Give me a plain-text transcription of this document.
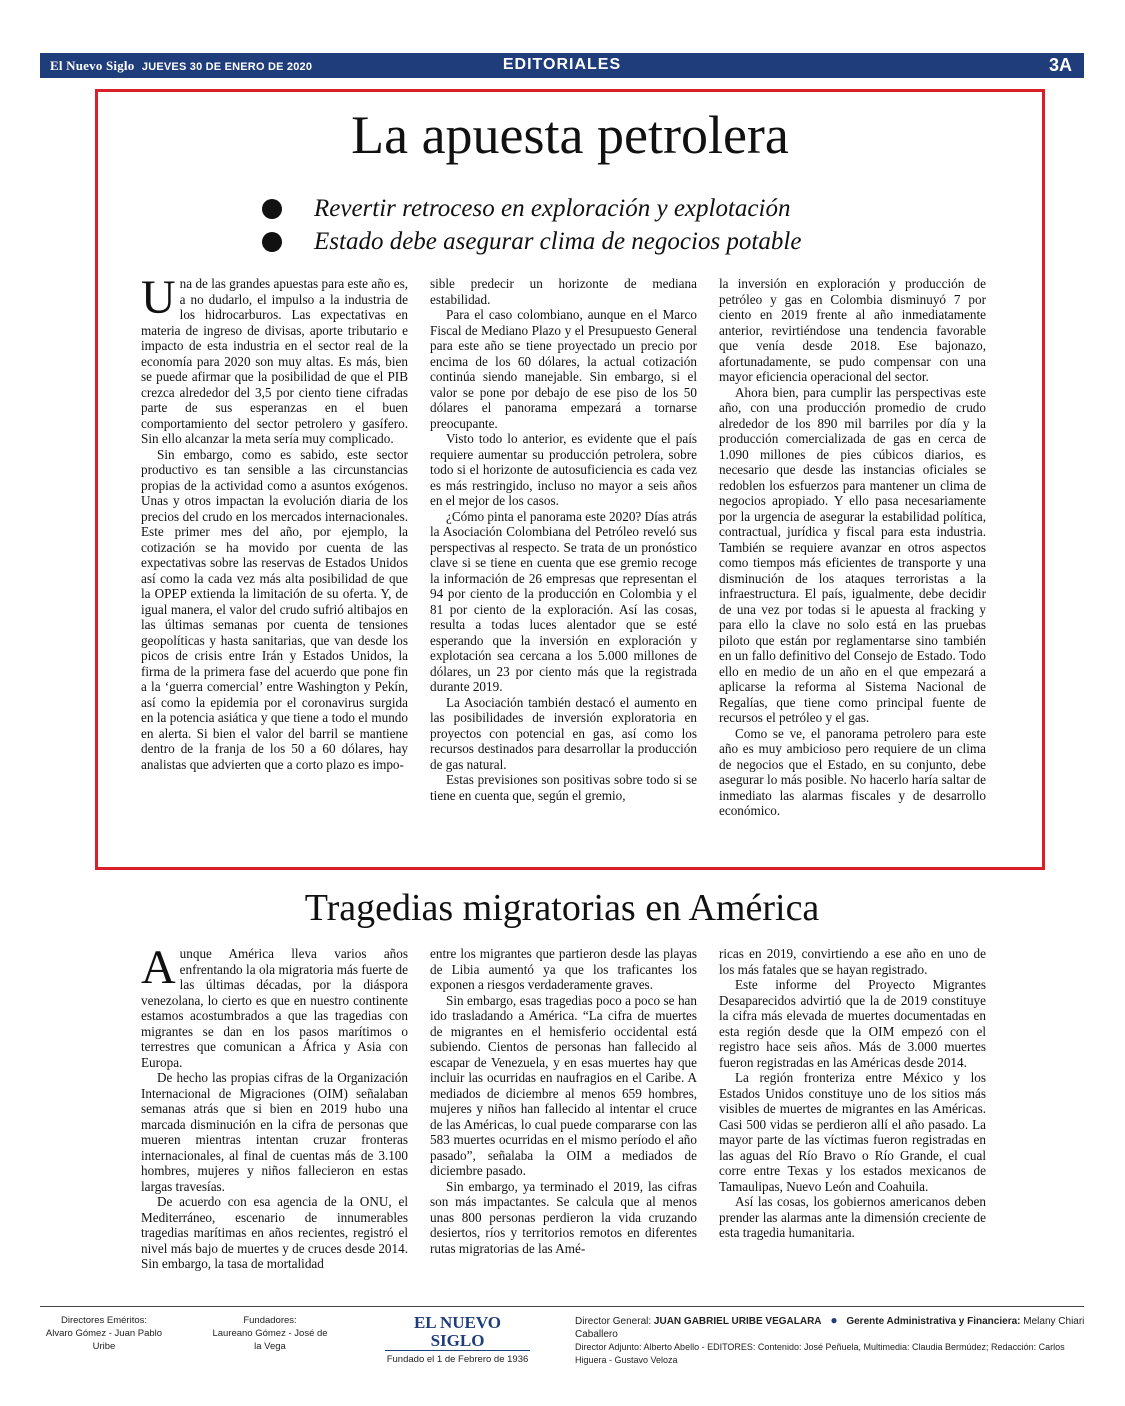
El Nuevo Siglo JUEVES 30 DE ENERO DE 2020	EDITORIALES	3A
La apuesta petrolera
Revertir retroceso en exploración y explotación
Estado debe asegurar clima de negocios potable

Una de las grandes apuestas para este año es, a no dudarlo, el impulso a la industria de los hidrocarburos. Las expectativas en materia de ingreso de divisas, aporte tributario e impacto de esta industria en el sector real de la economía para 2020 son muy altas. Es más, bien se puede afirmar que la posibilidad de que el PIB crezca alrededor del 3,5 por ciento tiene cifradas parte de sus esperanzas en el buen comportamiento del sector petrolero y gasífero. Sin ello alcanzar la meta sería muy complicado.

Sin embargo, como es sabido, este sector productivo es tan sensible a las circunstancias propias de la actividad como a asuntos exógenos. Unas y otros impactan la evolución diaria de los precios del crudo en los mercados internacionales. Este primer mes del año, por ejemplo, la cotización se ha movido por cuenta de las expectativas sobre las reservas de Estados Unidos así como la cada vez más alta posibilidad de que la OPEP extienda la limitación de su oferta. Y, de igual manera, el valor del crudo sufrió altibajos en las últimas semanas por cuenta de tensiones geopolíticas y hasta sanitarias, que van desde los picos de crisis entre Irán y Estados Unidos, la firma de la primera fase del acuerdo que pone fin a la ‘guerra comercial’ entre Washington y Pekín, así como la epidemia por el coronavirus surgida en la potencia asiática y que tiene a todo el mundo en alerta. Si bien el valor del barril se mantiene dentro de la franja de los 50 a 60 dólares, hay analistas que advierten que a corto plazo es impo-

sible predecir un horizonte de mediana estabilidad.

Para el caso colombiano, aunque en el Marco Fiscal de Mediano Plazo y el Presupuesto General para este año se tiene proyectado un precio por encima de los 60 dólares, la actual cotización continúa siendo manejable. Sin embargo, si el valor se pone por debajo de ese piso de los 50 dólares el panorama empezará a tornarse preocupante.

Visto todo lo anterior, es evidente que el país requiere aumentar su producción petrolera, sobre todo si el horizonte de autosuficiencia es cada vez es más restringido, incluso no mayor a seis años en el mejor de los casos.

¿Cómo pinta el panorama este 2020? Días atrás la Asociación Colombiana del Petróleo reveló sus perspectivas al respecto. Se trata de un pronóstico clave si se tiene en cuenta que ese gremio recoge la información de 26 empresas que representan el 94 por ciento de la producción en Colombia y el 81 por ciento de la exploración. Así las cosas, resulta a todas luces alentador que se esté esperando que la inversión en exploración y explotación sea cercana a los 5.000 millones de dólares, un 23 por ciento más que la registrada durante 2019.

La Asociación también destacó el aumento en las posibilidades de inversión exploratoria en proyectos con potencial en gas, así como los recursos destinados para desarrollar la producción de gas natural.

Estas previsiones son positivas sobre todo si se tiene en cuenta que, según el gremio,

la inversión en exploración y producción de petróleo y gas en Colombia disminuyó 7 por ciento en 2019 frente al año inmediatamente anterior, revirtiéndose una tendencia favorable que venía desde 2018. Ese bajonazo, afortunadamente, se pudo compensar con una mayor eficiencia operacional del sector.

Ahora bien, para cumplir las perspectivas este año, con una producción promedio de crudo alrededor de los 890 mil barriles por día y la producción comercializada de gas en cerca de 1.090 millones de pies cúbicos diarios, es necesario que desde las instancias oficiales se redoblen los esfuerzos para mantener un clima de negocios apropiado. Y ello pasa necesariamente por la urgencia de asegurar la estabilidad política, contractual, jurídica y fiscal para esta industria. También se requiere avanzar en otros aspectos como tiempos más eficientes de transporte y una disminución de los ataques terroristas a la infraestructura. El país, igualmente, debe decidir de una vez por todas si le apuesta al fracking y para ello la clave no solo está en las pruebas piloto que están por reglamentarse sino también en un fallo definitivo del Consejo de Estado. Todo ello en medio de un año en el que empezará a aplicarse la reforma al Sistema Nacional de Regalías, que tiene como principal fuente de recursos el petróleo y el gas.

Como se ve, el panorama petrolero para este año es muy ambicioso pero requiere de un clima de negocios que el Estado, en su conjunto, debe asegurar lo más posible. No hacerlo haría saltar de inmediato las alarmas fiscales y de desarrollo económico.

Tragedias migratorias en América

Aunque América lleva varios años enfrentando la ola migratoria más fuerte de las últimas décadas, por la diáspora venezolana, lo cierto es que en nuestro continente estamos acostumbrados a que las tragedias con migrantes se dan en los pasos marítimos o terrestres que comunican a África y Asia con Europa.

De hecho las propias cifras de la Organización Internacional de Migraciones (OIM) señalaban semanas atrás que si bien en 2019 hubo una marcada disminución en la cifra de personas que mueren mientras intentan cruzar fronteras internacionales, al final de cuentas más de 3.100 hombres, mujeres y niños fallecieron en estas largas travesías.

De acuerdo con esa agencia de la ONU, el Mediterráneo, escenario de innumerables tragedias marítimas en años recientes, registró el nivel más bajo de muertes y de cruces desde 2014. Sin embargo, la tasa de mortalidad

entre los migrantes que partieron desde las playas de Libia aumentó ya que los traficantes los exponen a riesgos verdaderamente graves.

Sin embargo, esas tragedias poco a poco se han ido trasladando a América. “La cifra de muertes de migrantes en el hemisferio occidental está subiendo. Cientos de personas han fallecido al escapar de Venezuela, y en esas muertes hay que incluir las ocurridas en naufragios en el Caribe. A mediados de diciembre al menos 659 hombres, mujeres y niños han fallecido al intentar el cruce de las Américas, lo cual puede compararse con las 583 muertes ocurridas en el mismo período el año pasado”, señalaba la OIM a mediados de diciembre pasado.

Sin embargo, ya terminado el 2019, las cifras son más impactantes. Se calcula que al menos unas 800 personas perdieron la vida cruzando desiertos, ríos y territorios remotos en diferentes rutas migratorias de las Amé-

ricas en 2019, convirtiendo a ese año en uno de los más fatales que se hayan registrado.

Este informe del Proyecto Migrantes Desaparecidos advirtió que la de 2019 constituye la cifra más elevada de muertes documentadas en esta región desde que la OIM empezó con el registro hace seis años. Más de 3.000 muertes fueron registradas en las Américas desde 2014.

La región fronteriza entre México y los Estados Unidos constituye uno de los sitios más visibles de muertes de migrantes en las Américas. Casi 500 vidas se perdieron allí el año pasado. La mayor parte de las víctimas fueron registradas en las aguas del Río Bravo o Río Grande, el cual corre entre Texas y los estados mexicanos de Tamaulipas, Nuevo León and Coahuila.

Así las cosas, los gobiernos americanos deben prender las alarmas ante la dimensión creciente de esta tragedia humanitaria.

Directores Eméritos:
Alvaro Gómez - Juan Pablo Uribe
Fundadores:
Laureano Gómez - José de la Vega
EL NUEVO SIGLO
Fundado el 1 de Febrero de 1936
Director General: JUAN GABRIEL URIBE VEGALARA ● Gerente Administrativa y Financiera: Melany Chiari Caballero
Director Adjunto: Alberto Abello - EDITORES: Contenido: José Peñuela, Multimedia: Claudia Bermúdez; Redacción: Carlos Higuera - Gustavo Veloza
